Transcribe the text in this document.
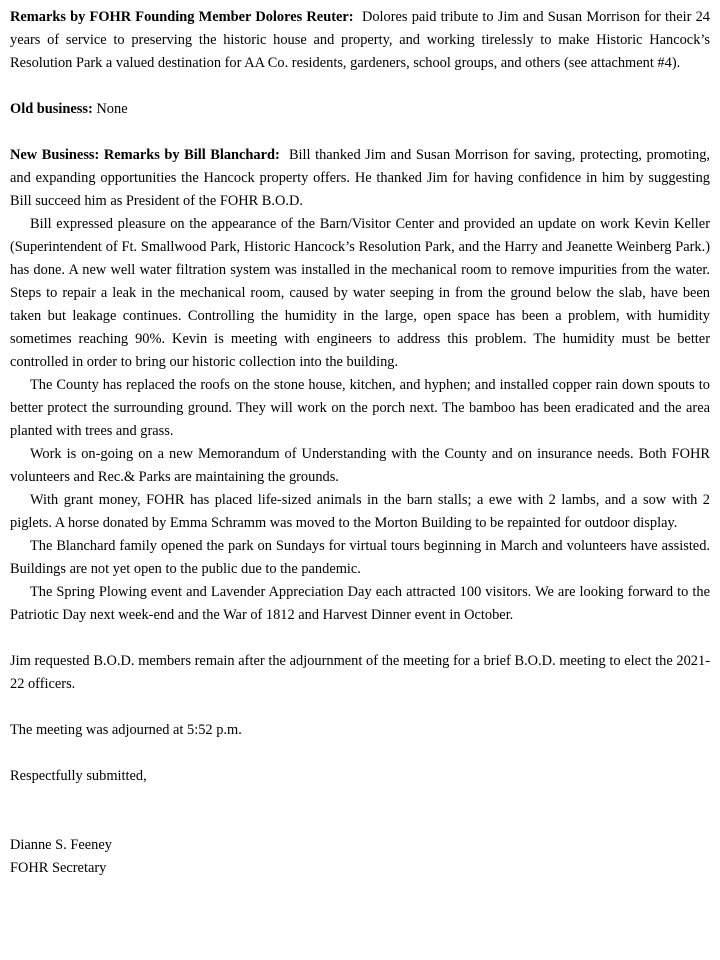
Remarks by FOHR Founding Member Dolores Reuter: Dolores paid tribute to Jim and Susan Morrison for their 24 years of service to preserving the historic house and property, and working tirelessly to make Historic Hancock’s Resolution Park a valued destination for AA Co. residents, gardeners, school groups, and others (see attachment #4).

Old business: None

New Business: Remarks by Bill Blanchard: Bill thanked Jim and Susan Morrison for saving, protecting, promoting, and expanding opportunities the Hancock property offers. He thanked Jim for having confidence in him by suggesting Bill succeed him as President of the FOHR B.O.D.

Bill expressed pleasure on the appearance of the Barn/Visitor Center and provided an update on work Kevin Keller (Superintendent of Ft. Smallwood Park, Historic Hancock’s Resolution Park, and the Harry and Jeanette Weinberg Park.) has done. A new well water filtration system was installed in the mechanical room to remove impurities from the water. Steps to repair a leak in the mechanical room, caused by water seeping in from the ground below the slab, have been taken but leakage continues. Controlling the humidity in the large, open space has been a problem, with humidity sometimes reaching 90%. Kevin is meeting with engineers to address this problem. The humidity must be better controlled in order to bring our historic collection into the building.

The County has replaced the roofs on the stone house, kitchen, and hyphen; and installed copper rain down spouts to better protect the surrounding ground. They will work on the porch next. The bamboo has been eradicated and the area planted with trees and grass.

Work is on-going on a new Memorandum of Understanding with the County and on insurance needs. Both FOHR volunteers and Rec.& Parks are maintaining the grounds.

With grant money, FOHR has placed life-sized animals in the barn stalls; a ewe with 2 lambs, and a sow with 2 piglets. A horse donated by Emma Schramm was moved to the Morton Building to be repainted for outdoor display.

The Blanchard family opened the park on Sundays for virtual tours beginning in March and volunteers have assisted. Buildings are not yet open to the public due to the pandemic.

The Spring Plowing event and Lavender Appreciation Day each attracted 100 visitors. We are looking forward to the Patriotic Day next week-end and the War of 1812 and Harvest Dinner event in October.

Jim requested B.O.D. members remain after the adjournment of the meeting for a brief B.O.D. meeting to elect the 2021-22 officers.

The meeting was adjourned at 5:52 p.m.

Respectfully submitted,

Dianne S. Feeney

FOHR Secretary
